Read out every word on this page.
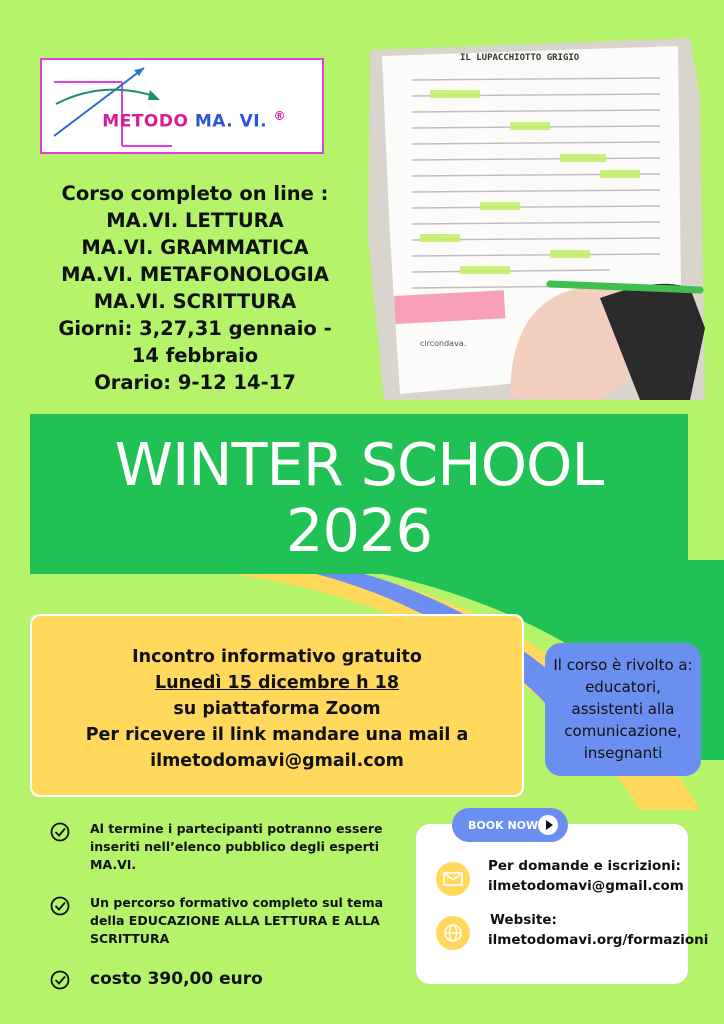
METODO MA. VI. ®
Corso completo on line :
MA.VI. LETTURA
MA.VI. GRAMMATICA
MA.VI. METAFONOLOGIA
MA.VI. SCRITTURA
Giorni: 3,27,31 gennaio -
14 febbraio
Orario: 9-12 14-17
IL LUPACCHIOTTO GRIGIO
circondava.
WINTER SCHOOL
2026
Incontro informativo gratuito
Lunedì 15 dicembre h 18
su piattaforma Zoom
Per ricevere il link mandare una mail a
ilmetodomavi@gmail.com
Il corso è rivolto a:
educatori,
assistenti alla
comunicazione,
insegnanti
Al termine i partecipanti potranno essere
inseriti nell’elenco pubblico degli esperti
MA.VI.
Un percorso formativo completo sul tema
della EDUCAZIONE ALLA LETTURA E ALLA
SCRITTURA
costo 390,00 euro
Per domande e iscrizioni:
ilmetodomavi@gmail.com
Website:
ilmetodomavi.org/formazioni
BOOK NOW
